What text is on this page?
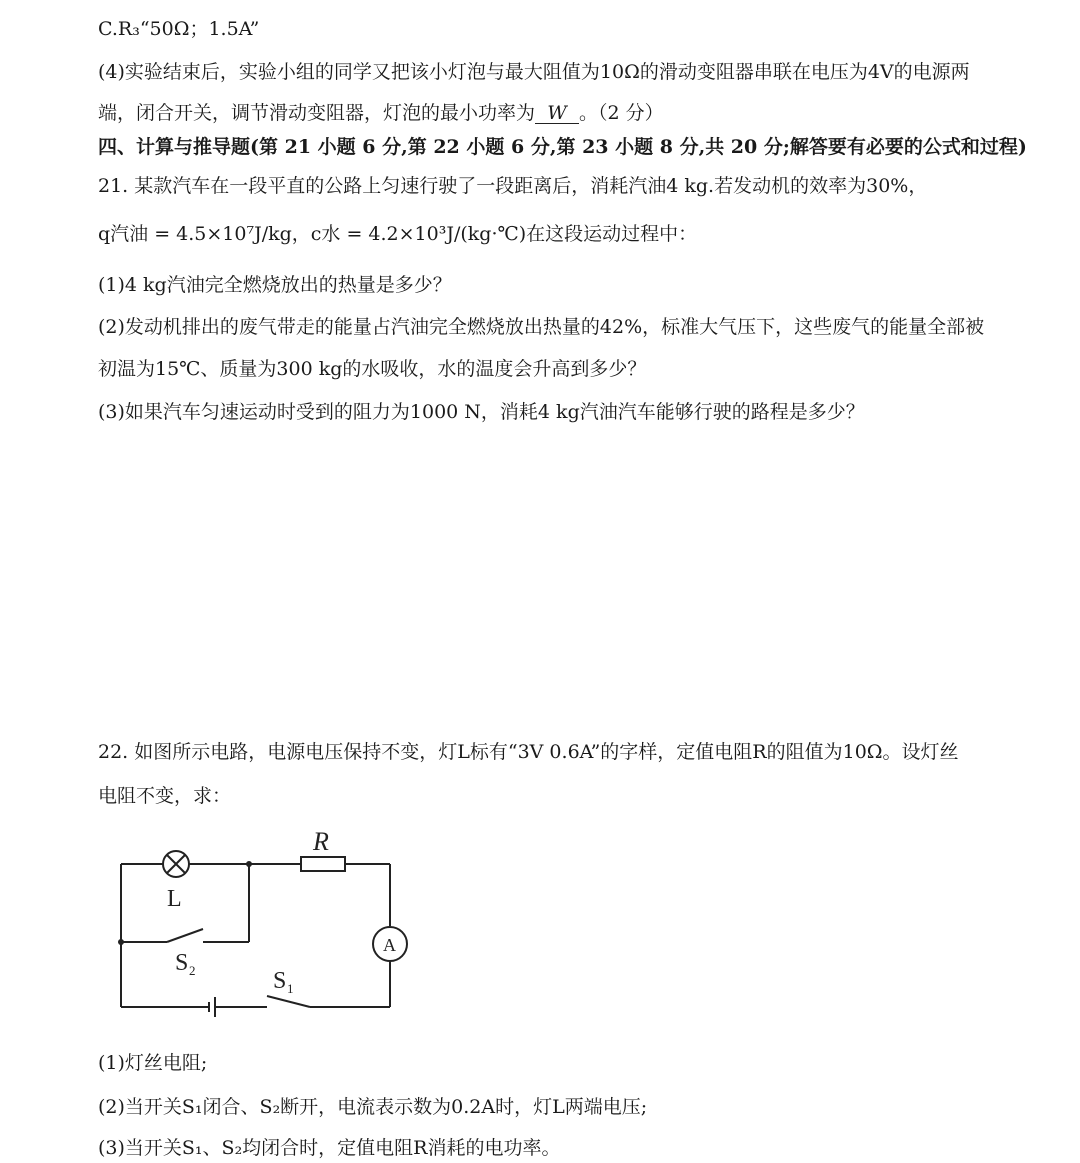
C.R₃“50Ω；1.5A”
(4)实验结束后，实验小组的同学又把该小灯泡与最大阻值为10Ω的滑动变阻器串联在电压为4V的电源两
端，闭合开关，调节滑动变阻器，灯泡的最小功率为 W 。（2 分）
四、计算与推导题(第 21 小题 6 分,第 22 小题 6 分,第 23 小题 8 分,共 20 分;解答要有必要的公式和过程)
21. 某款汽车在一段平直的公路上匀速行驶了一段距离后，消耗汽油4 kg.若发动机的效率为30%，
q汽油 = 4.5×10⁷J/kg，c水 = 4.2×10³J/(kg·℃)在这段运动过程中：
(1)4 kg汽油完全燃烧放出的热量是多少？
(2)发动机排出的废气带走的能量占汽油完全燃烧放出热量的42%，标准大气压下，这些废气的能量全部被
初温为15℃、质量为300 kg的水吸收，水的温度会升高到多少？
(3)如果汽车匀速运动时受到的阻力为1000 N，消耗4 kg汽油汽车能够行驶的路程是多少？
22. 如图所示电路，电源电压保持不变，灯L标有“3V 0.6A”的字样，定值电阻R的阻值为10Ω。设灯丝
电阻不变，求：
R
L
A
S 1
S 2
(1)灯丝电阻;
(2)当开关S₁闭合、S₂断开，电流表示数为0.2A时，灯L两端电压;
(3)当开关S₁、S₂均闭合时，定值电阻R消耗的电功率。
